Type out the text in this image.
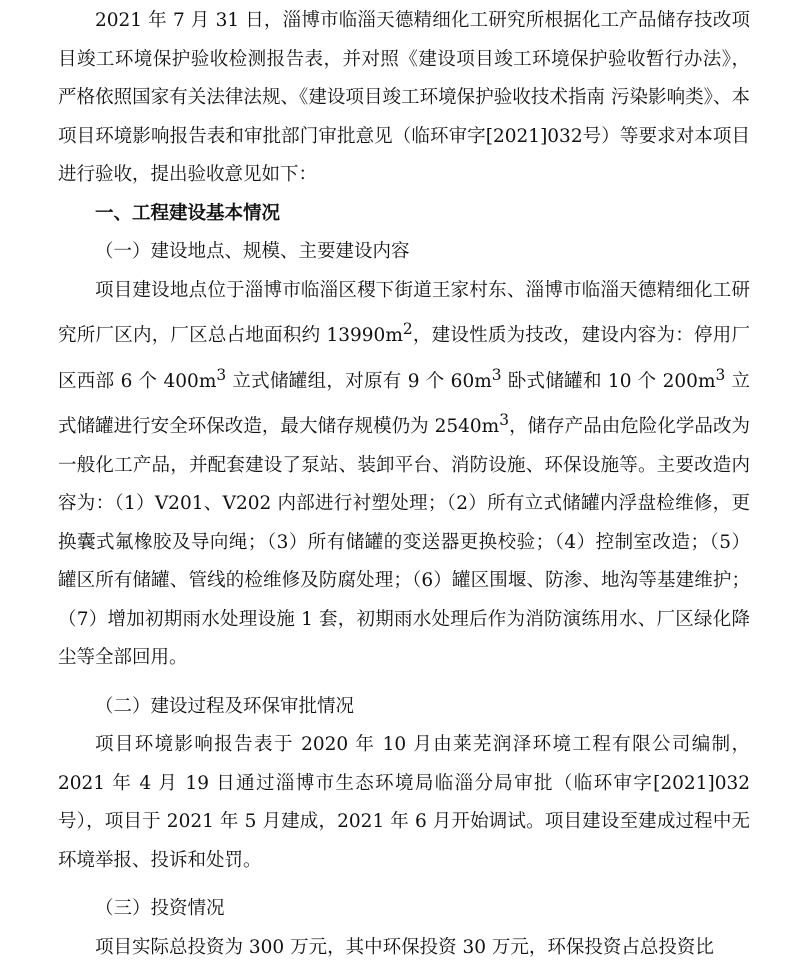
2021 年 7 月 31 日，淄博市临淄天德精细化工研究所根据化工产品储存技改项目竣工环境保护验收检测报告表，并对照《建设项目竣工环境保护验收暂行办法》，严格依照国家有关法律法规、《建设项目竣工环境保护验收技术指南 污染影响类》、本项目环境影响报告表和审批部门审批意见（临环审字[2021]032号）等要求对本项目进行验收，提出验收意见如下：

一、工程建设基本情况

（一）建设地点、规模、主要建设内容

项目建设地点位于淄博市临淄区稷下街道王家村东、淄博市临淄天德精细化工研究所厂区内，厂区总占地面积约 $13990m^2$，建设性质为技改，建设内容为：停用厂区西部 6 个 $400m^3$ 立式储罐组，对原有 9 个 $60m^3$ 卧式储罐和 10 个 $200m^3$ 立式储罐进行安全环保改造，最大储存规模仍为 $2540m^3$，储存产品由危险化学品改为一般化工产品，并配套建设了泵站、装卸平台、消防设施、环保设施等。主要改造内容为：（1）V201、V202 内部进行衬塑处理；（2）所有立式储罐内浮盘检维修，更换囊式氟橡胶及导向绳；（3）所有储罐的变送器更换校验；（4）控制室改造；（5）罐区所有储罐、管线的检维修及防腐处理；（6）罐区围堰、防渗、地沟等基建维护；（7）增加初期雨水处理设施 1 套，初期雨水处理后作为消防演练用水、厂区绿化降尘等全部回用。

（二）建设过程及环保审批情况

项目环境影响报告表于 2020 年 10 月由莱芜润泽环境工程有限公司编制，2021 年 4 月 19 日通过淄博市生态环境局临淄分局审批（临环审字[2021]032 号），项目于 2021 年 5 月建成，2021 年 6 月开始调试。项目建设至建成过程中无环境举报、投诉和处罚。

（三）投资情况

项目实际总投资为 300 万元，其中环保投资 30 万元，环保投资占总投资比
